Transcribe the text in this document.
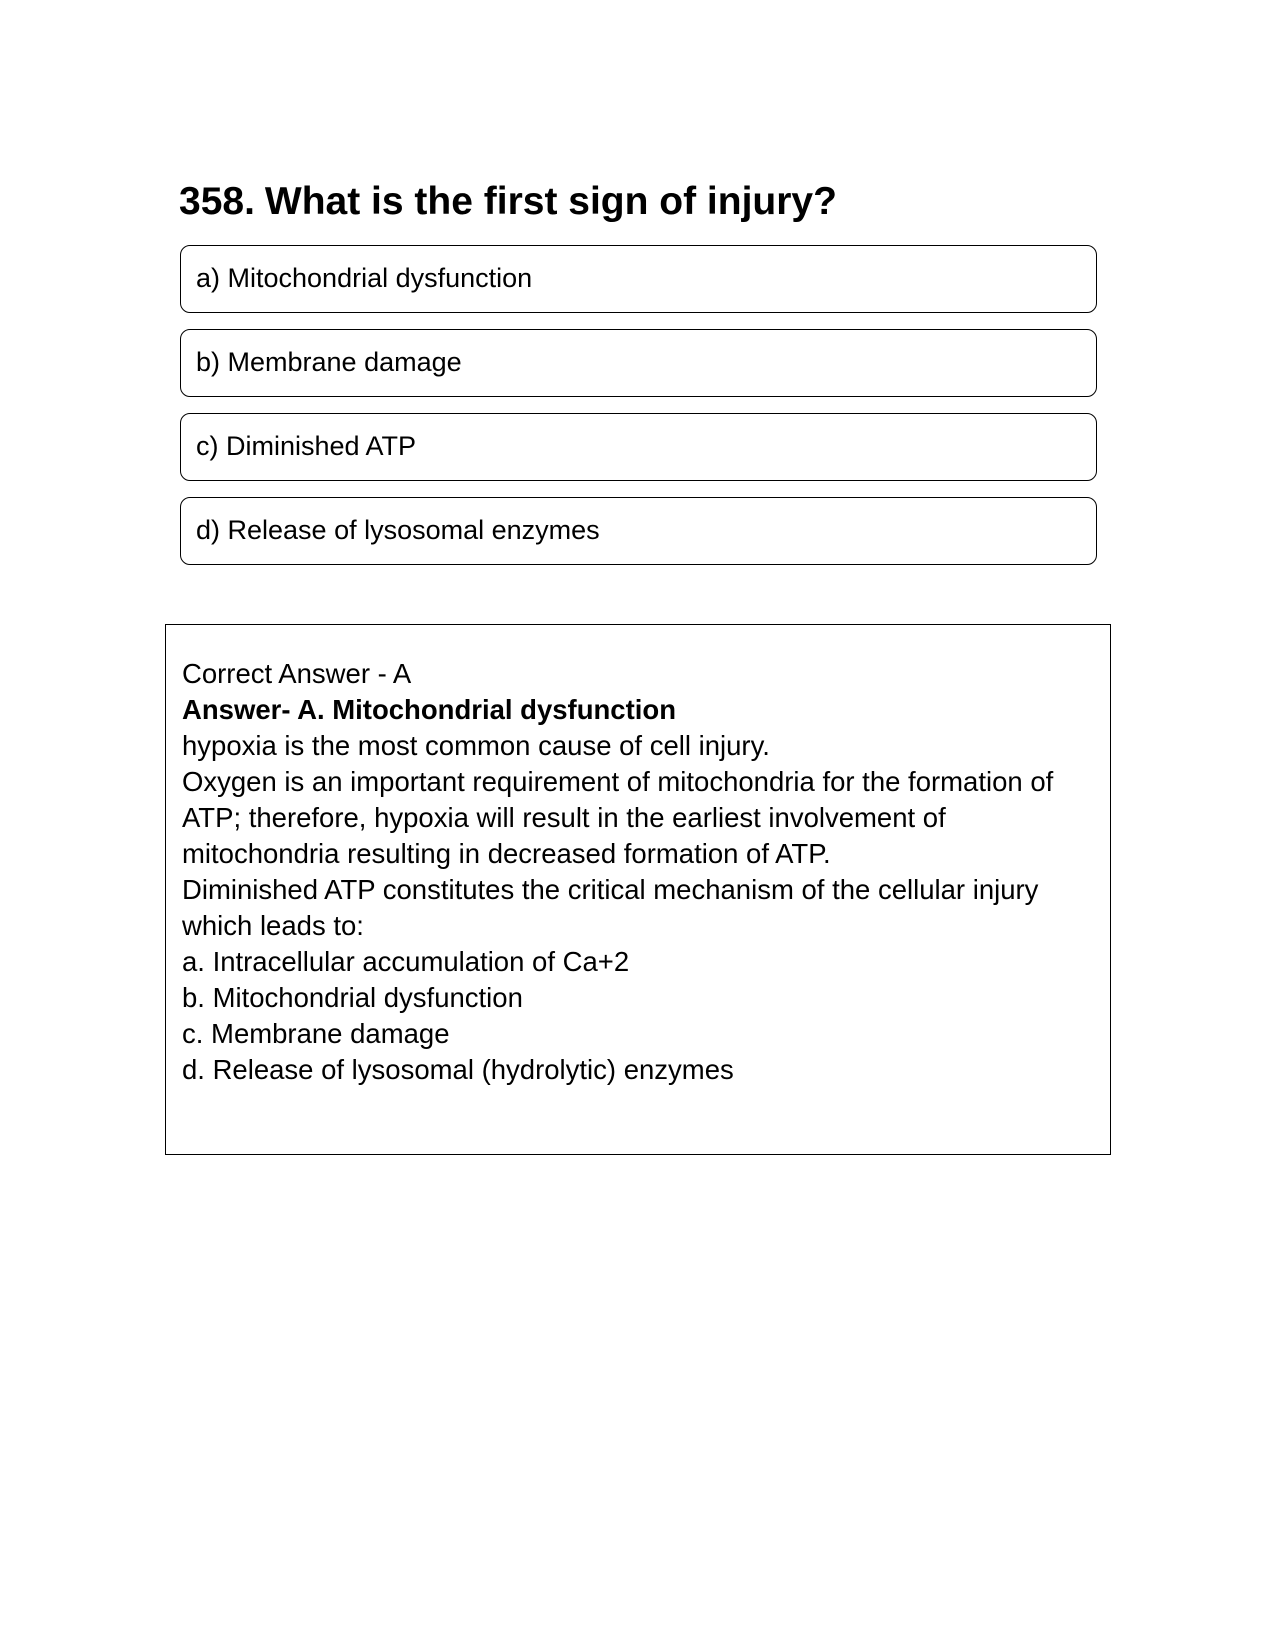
358. What is the first sign of injury?
a) Mitochondrial dysfunction
b) Membrane damage
c) Diminished ATP
d) Release of lysosomal enzymes

Correct Answer - A

Answer- A. Mitochondrial dysfunction

hypoxia is the most common cause of cell injury.

Oxygen is an important requirement of mitochondria for the formation of ATP; therefore, hypoxia will result in the earliest involvement of mitochondria resulting in decreased formation of ATP.

Diminished ATP constitutes the critical mechanism of the cellular injury which leads to:

a. Intracellular accumulation of Ca+2

b. Mitochondrial dysfunction

c. Membrane damage

d. Release of lysosomal (hydrolytic) enzymes
